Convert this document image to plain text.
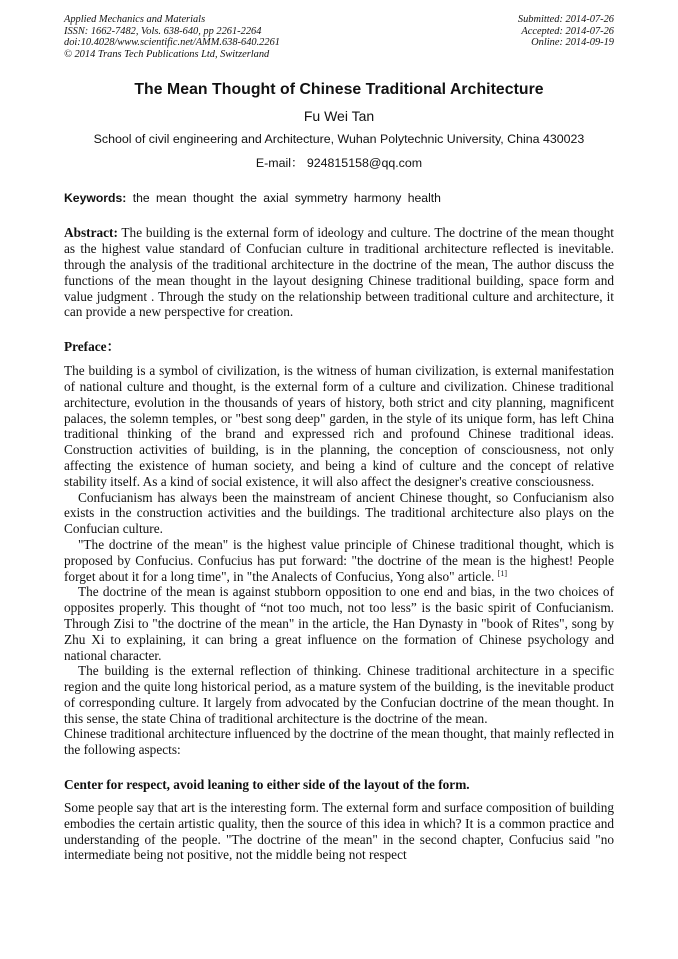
Applied Mechanics and Materials
ISSN: 1662-7482, Vols. 638-640, pp 2261-2264
doi:10.4028/www.scientific.net/AMM.638-640.2261
© 2014 Trans Tech Publications Ltd, Switzerland
Submitted: 2014-07-26
Accepted: 2014-07-26
Online: 2014-09-19
The Mean Thought of Chinese Traditional Architecture
Fu Wei Tan
School of civil engineering and Architecture, Wuhan Polytechnic University, China 430023
E-mail： 924815158@qq.com
Keywords: the mean thought the axial symmetry harmony health

Abstract: The building is the external form of ideology and culture. The doctrine of the mean thought as the highest value standard of Confucian culture in traditional architecture reflected is inevitable. through the analysis of the traditional architecture in the doctrine of the mean, The author discuss the functions of the mean thought in the layout designing Chinese traditional building, space form and value judgment . Through the study on the relationship between traditional culture and architecture, it can provide a new perspective for creation.

Preface：

The building is a symbol of civilization, is the witness of human civilization, is external manifestation of national culture and thought, is the external form of a culture and civilization. Chinese traditional architecture, evolution in the thousands of years of history, both strict and city planning, magnificent palaces, the solemn temples, or "best song deep" garden, in the style of its unique form, has left China traditional thinking of the brand and expressed rich and profound Chinese traditional ideas. Construction activities of building, is in the planning, the conception of consciousness, not only affecting the existence of human society, and being a kind of culture and the concept of relative stability itself. As a kind of social existence, it will also affect the designer's creative consciousness.

Confucianism has always been the mainstream of ancient Chinese thought, so Confucianism also exists in the construction activities and the buildings. The traditional architecture also plays on the Confucian culture.

"The doctrine of the mean" is the highest value principle of Chinese traditional thought, which is proposed by Confucius. Confucius has put forward: "the doctrine of the mean is the highest! People forget about it for a long time", in "the Analects of Confucius, Yong also" article. [1]

The doctrine of the mean is against stubborn opposition to one end and bias, in the two choices of opposites properly. This thought of “not too much, not too less” is the basic spirit of Confucianism. Through Zisi to "the doctrine of the mean" in the article, the Han Dynasty in "book of Rites", song by Zhu Xi to explaining, it can bring a great influence on the formation of Chinese psychology and national character.

The building is the external reflection of thinking. Chinese traditional architecture in a specific region and the quite long historical period, as a mature system of the building, is the inevitable product of corresponding culture. It largely from advocated by the Confucian doctrine of the mean thought. In this sense, the state China of traditional architecture is the doctrine of the mean.

Chinese traditional architecture influenced by the doctrine of the mean thought, that mainly reflected in the following aspects:

Center for respect, avoid leaning to either side of the layout of the form.

Some people say that art is the interesting form. The external form and surface composition of building embodies the certain artistic quality, then the source of this idea in which? It is a common practice and understanding of the people. "The doctrine of the mean" in the second chapter, Confucius said "no intermediate being not positive, not the middle being not respect
